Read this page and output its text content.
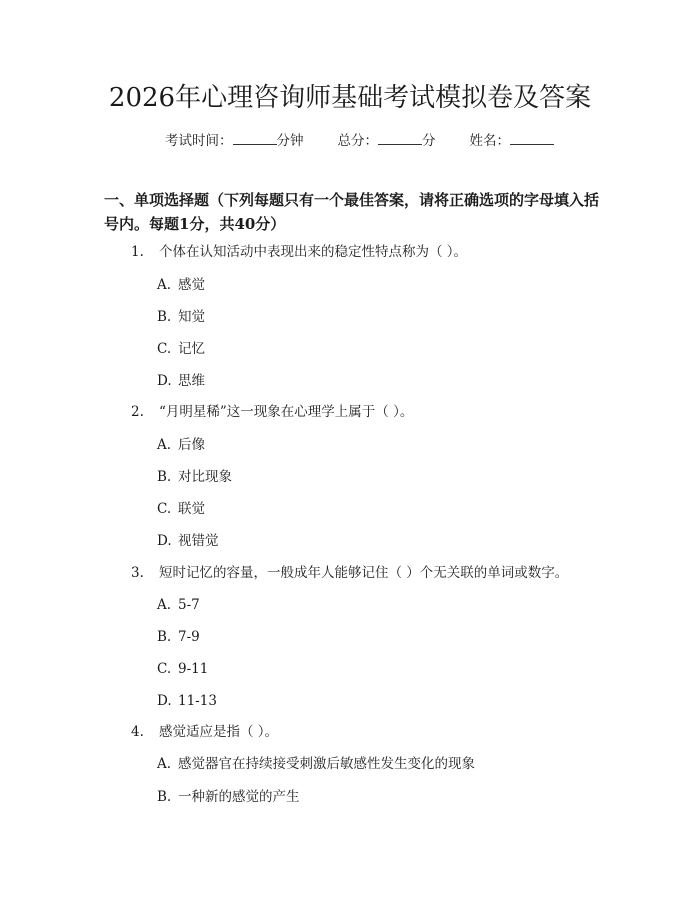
2026年心理咨询师基础考试模拟卷及答案
考试时间：	分钟	总分：	分	姓名：
一、单项选择题（下列每题只有一个最佳答案，请将正确选项的字母填入括号内。每题1分，共40分）
1. 个体在认知活动中表现出来的稳定性特点称为（ ）。
A. 感觉
B. 知觉
C. 记忆
D. 思维
2. “月明星稀”这一现象在心理学上属于（ ）。
A. 后像
B. 对比现象
C. 联觉
D. 视错觉
3. 短时记忆的容量，一般成年人能够记住（ ）个无关联的单词或数字。
A. 5-7
B. 7-9
C. 9-11
D. 11-13
4. 感觉适应是指（ ）。
A. 感觉器官在持续接受刺激后敏感性发生变化的现象
B. 一种新的感觉的产生
